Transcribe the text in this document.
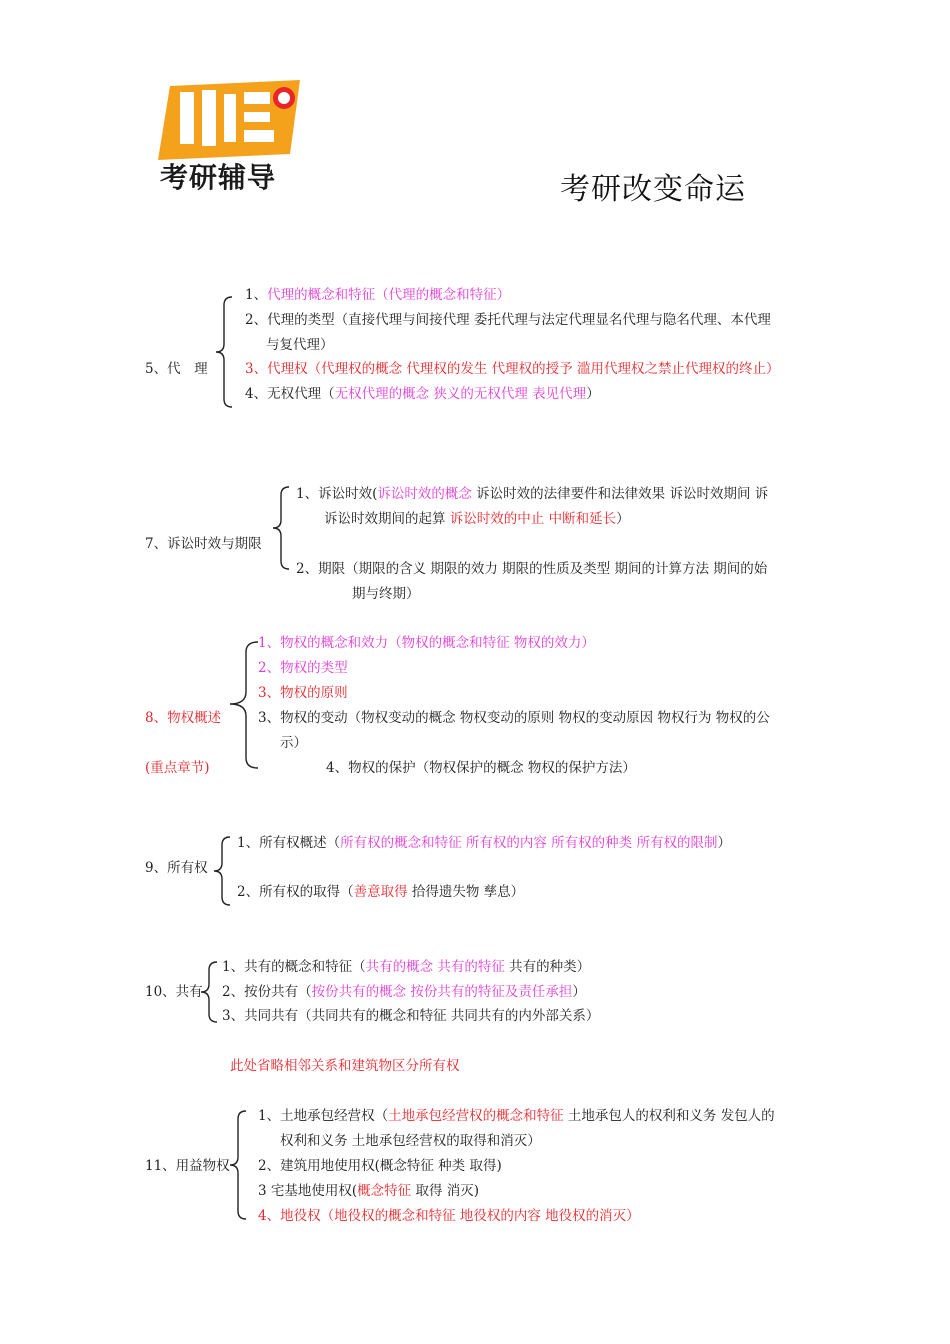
考研辅导	考研改变命运
5、代　理
1、代理的概念和特征（代理的概念和特征）
2、代理的类型（直接代理与间接代理 委托代理与法定代理显名代理与隐名代理、本代理
与复代理）
3、代理权（代理权的概念 代理权的发生 代理权的授予 滥用代理权之禁止代理权的终止）
4、无权代理（无权代理的概念 狭义的无权代理 表见代理）
7、诉讼时效与期限
1、诉讼时效(诉讼时效的概念 诉讼时效的法律要件和法律效果 诉讼时效期间 诉
诉讼时效期间的起算 诉讼时效的中止 中断和延长）
2、期限（期限的含义 期限的效力 期限的性质及类型 期间的计算方法 期间的始
期与终期）
8、物权概述
(重点章节)
1、物权的概念和效力（物权的概念和特征 物权的效力）
2、物权的类型
3、物权的原则
3、物权的变动（物权变动的概念 物权变动的原则 物权的变动原因 物权行为 物权的公
示）
4、物权的保护（物权保护的概念 物权的保护方法）
9、所有权
1、所有权概述（所有权的概念和特征 所有权的内容 所有权的种类 所有权的限制）
2、所有权的取得（善意取得 拾得遗失物 孳息）
10、共有
1、共有的概念和特征（共有的概念 共有的特征 共有的种类）
2、按份共有（按份共有的概念 按份共有的特征及责任承担）
3、共同共有（共同共有的概念和特征 共同共有的内外部关系）
此处省略相邻关系和建筑物区分所有权
11、用益物权
1、土地承包经营权（土地承包经营权的概念和特征 土地承包人的权利和义务 发包人的
权利和义务 土地承包经营权的取得和消灭）
2、建筑用地使用权(概念特征 种类 取得)
3 宅基地使用权(概念特征 取得 消灭)
4、地役权（地役权的概念和特征 地役权的内容 地役权的消灭）
